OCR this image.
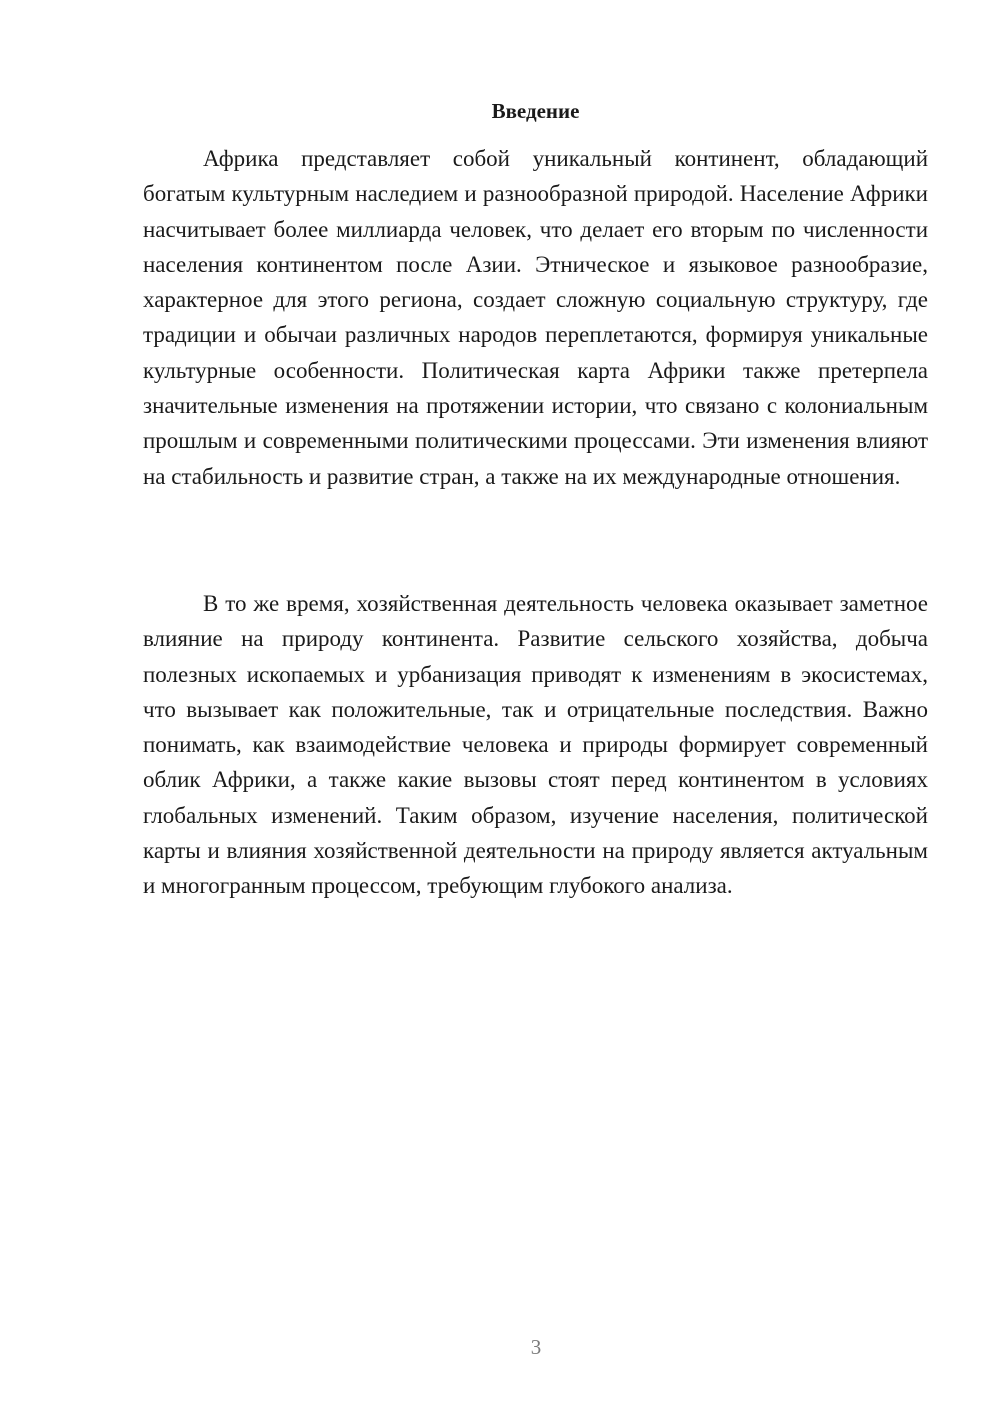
Введение

Африка представляет собой уникальный континент, обладающий богатым культурным наследием и разнообразной природой. Население Африки насчитывает более миллиарда человек, что делает его вторым по численности населения континентом после Азии. Этническое и языковое разнообразие, характерное для этого региона, создает сложную социальную структуру, где традиции и обычаи различных народов переплетаются, формируя уникальные культурные особенности. Политическая карта Африки также претерпела значительные изменения на протяжении истории, что связано с колониальным прошлым и современными политическими процессами. Эти изменения влияют на стабильность и развитие стран, а также на их международные отношения.

В то же время, хозяйственная деятельность человека оказывает заметное влияние на природу континента. Развитие сельского хозяйства, добыча полезных ископаемых и урбанизация приводят к изменениям в экосистемах, что вызывает как положительные, так и отрицательные последствия. Важно понимать, как взаимодействие человека и природы формирует современный облик Африки, а также какие вызовы стоят перед континентом в условиях глобальных изменений. Таким образом, изучение населения, политической карты и влияния хозяйственной деятельности на природу является актуальным и многогранным процессом, требующим глубокого анализа.

3
